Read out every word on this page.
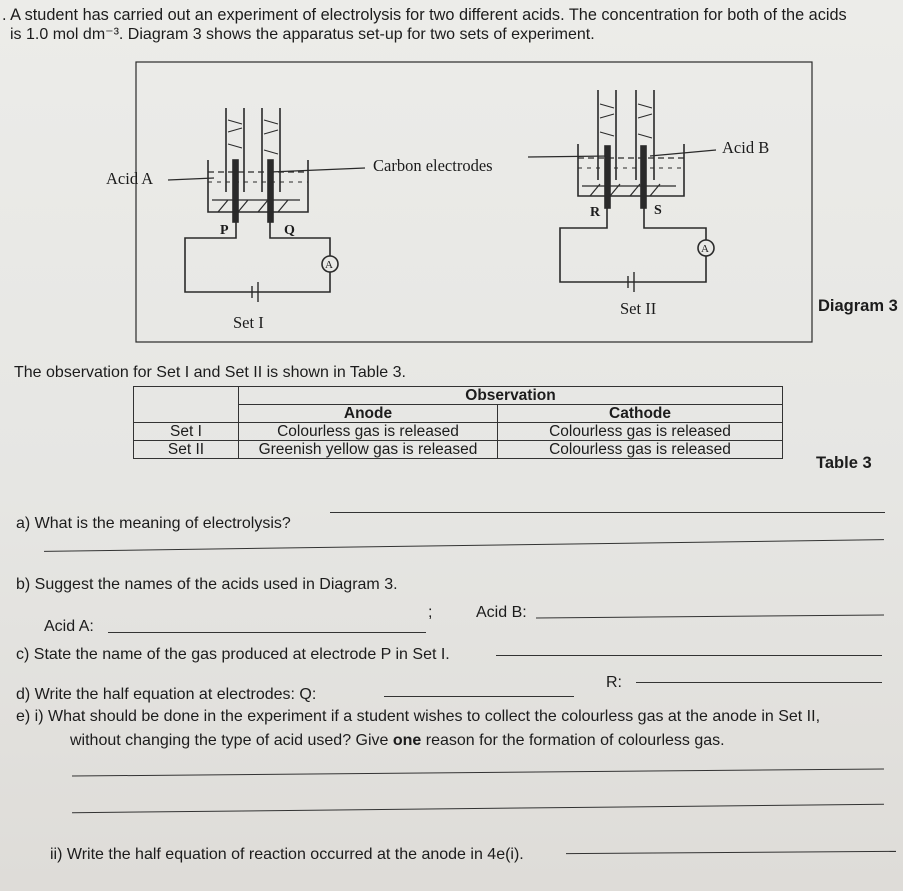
. A student has carried out an experiment of electrolysis for two different acids. The concentration for both of the acids
is 1.0 mol dm⁻³. Diagram 3 shows the apparatus set-up for two sets of experiment.
Acid A
Carbon electrodes
Acid B
P	Q
R	S
A
A
Set I
Set II	Diagram 3
The observation for Set I and Set II is shown in Table 3.
	Observation	
	Anode	Cathode
Set I	Colourless gas is released	Colourless gas is released
Set II	Greenish yellow gas is released	Colourless gas is released
Table 3
a) What is the meaning of electrolysis?
b) Suggest the names of the acids used in Diagram 3.
Acid A:
;	Acid B:
c) State the name of the gas produced at electrode P in Set I.
d) Write the half equation at electrodes: Q:
R:
e) i) What should be done in the experiment if a student wishes to collect the colourless gas at the anode in Set II,
without changing the type of acid used? Give one reason for the formation of colourless gas.
ii) Write the half equation of reaction occurred at the anode in 4e(i).
